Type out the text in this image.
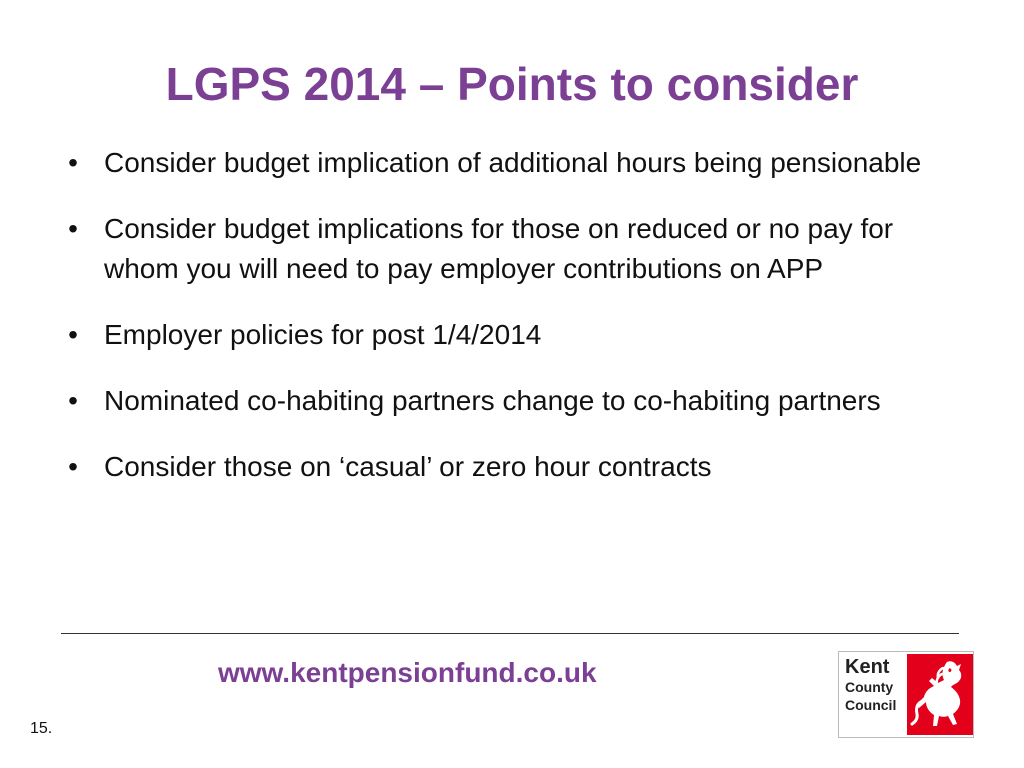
LGPS 2014 – Points to consider
• Consider budget implication of additional hours being pensionable
• Consider budget implications for those on reduced or no pay for whom you will need to pay employer contributions on APP
• Employer policies for post 1/4/2014
• Nominated co-habiting partners change to co-habiting partners
• Consider those on ‘casual’ or zero hour contracts
www.kentpensionfund.co.uk
15.
Kent
County
Council
